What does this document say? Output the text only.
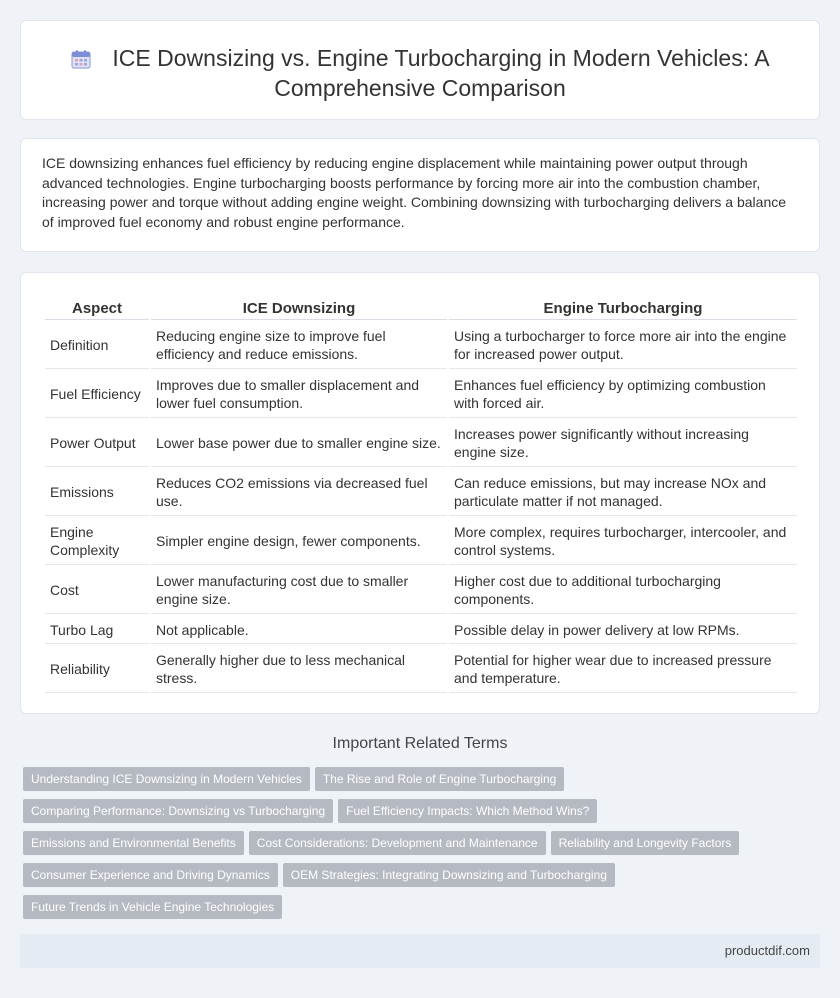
ICE Downsizing vs. Engine Turbocharging in Modern Vehicles: A Comprehensive Comparison

ICE downsizing enhances fuel efficiency by reducing engine displacement while maintaining power output through advanced technologies. Engine turbocharging boosts performance by forcing more air into the combustion chamber, increasing power and torque without adding engine weight. Combining downsizing with turbocharging delivers a balance of improved fuel economy and robust engine performance.

Aspect	ICE Downsizing	Engine Turbocharging
Definition	Reducing engine size to improve fuel efficiency and reduce emissions.	Using a turbocharger to force more air into the engine for increased power output.
Fuel Efficiency	Improves due to smaller displacement and lower fuel consumption.	Enhances fuel efficiency by optimizing combustion with forced air.
Power Output	Lower base power due to smaller engine size.	Increases power significantly without increasing engine size.
Emissions	Reduces CO2 emissions via decreased fuel use.	Can reduce emissions, but may increase NOx and particulate matter if not managed.
Engine Complexity	Simpler engine design, fewer components.	More complex, requires turbocharger, intercooler, and control systems.
Cost	Lower manufacturing cost due to smaller engine size.	Higher cost due to additional turbocharging components.
Turbo Lag	Not applicable.	Possible delay in power delivery at low RPMs.
Reliability	Generally higher due to less mechanical stress.	Potential for higher wear due to increased pressure and temperature.
Important Related Terms
Understanding ICE Downsizing in Modern Vehicles The Rise and Role of Engine Turbocharging
Comparing Performance: Downsizing vs Turbocharging Fuel Efficiency Impacts: Which Method Wins?
Emissions and Environmental Benefits Cost Considerations: Development and Maintenance Reliability and Longevity Factors
Consumer Experience and Driving Dynamics OEM Strategies: Integrating Downsizing and Turbocharging
Future Trends in Vehicle Engine Technologies
productdif.com
